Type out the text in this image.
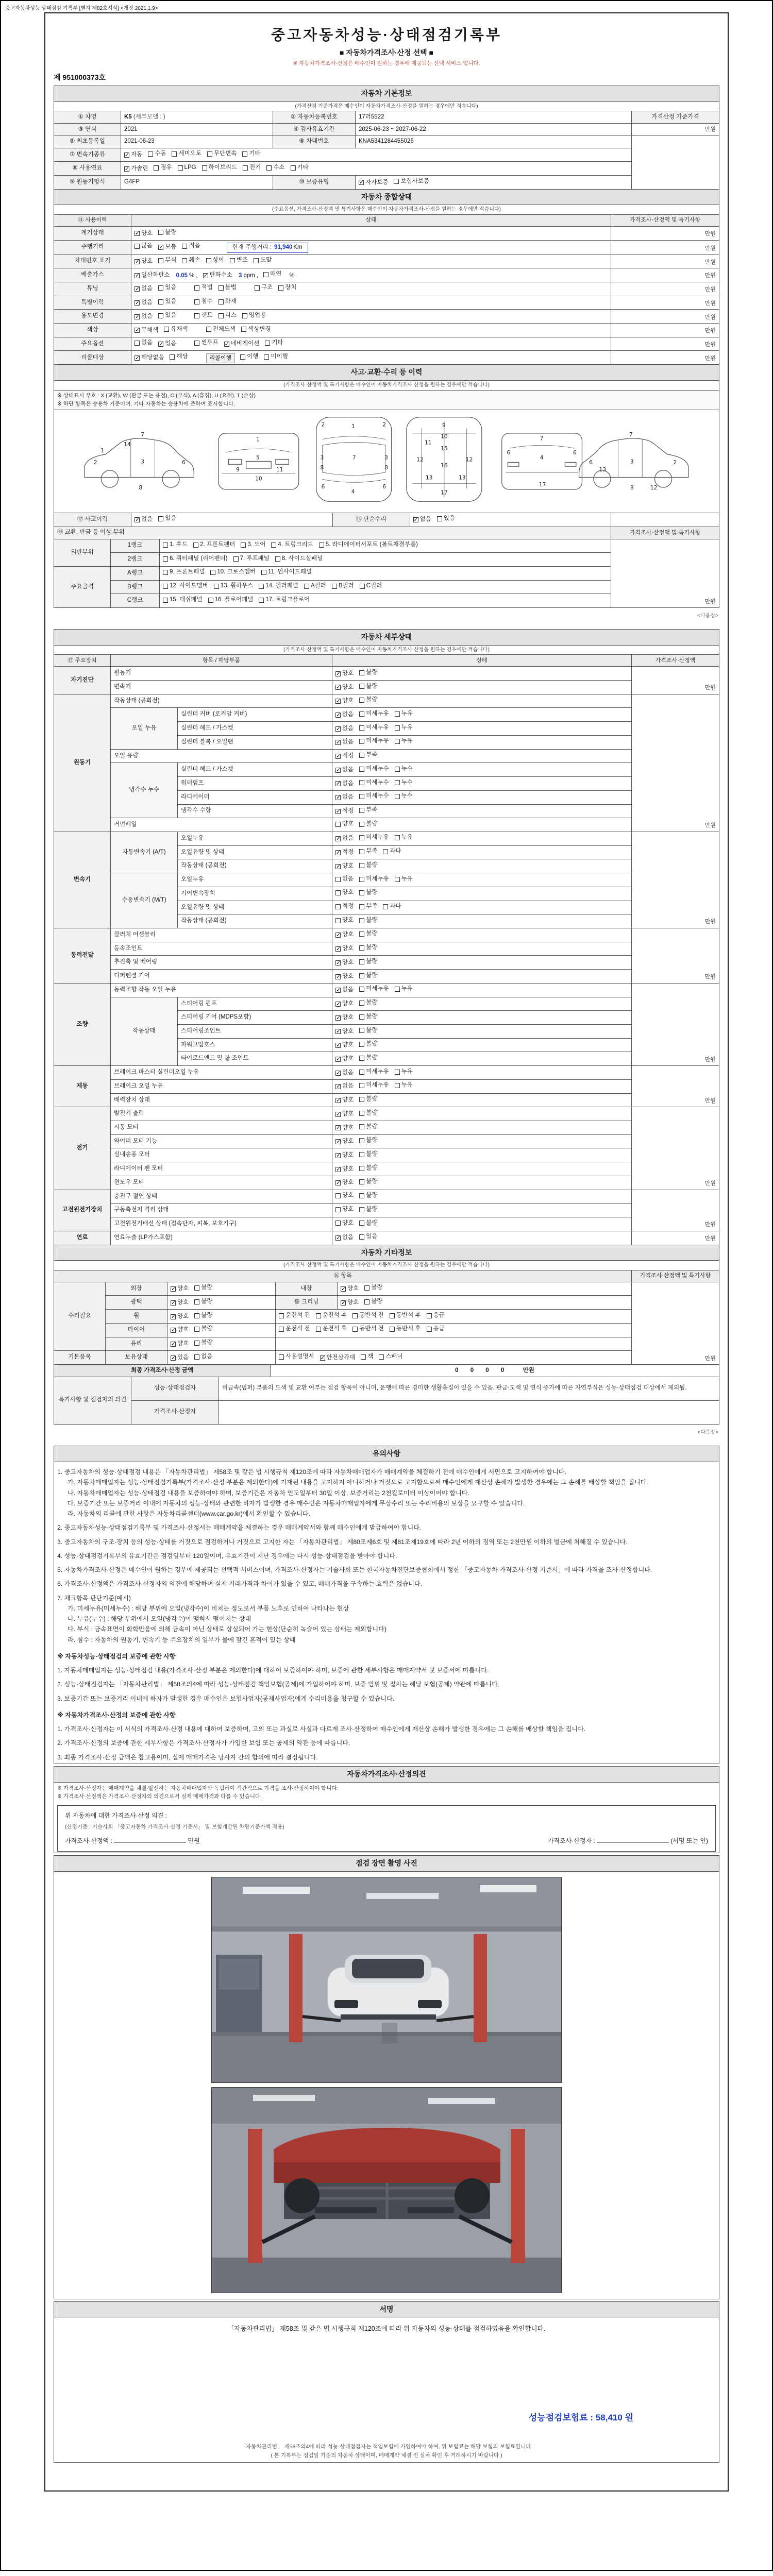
중고자동차성능 상태점검 기록부 [별지 제82호서식] <개정 2021.1.9>
중고자동차성능·상태점검기록부
■ 자동차가격조사·산정 선택 ■
※ 자동차가격조사·산정은 매수인이 원하는 경우에 제공되는 선택 서비스 입니다.
제 951000373호
자동차 기본정보				
(가격산정 기준가격은 매수인이 자동차가격조사·산정을 원하는 경우에만 적습니다)				
① 차명	K5 (세부모델 : )	② 자동차등록번호	17러5522	가격산정 기준가격
③ 연식	2021	④ 검사유효기간	2025-06-23 ~ 2027-06-22	만원
⑤ 최초등록일	2021-06-23	⑥ 차대번호	KNA5341284455026	
⑦ 변속기종류	✓ 자동 수동 세미오토 무단변속 기타
⑧ 사용연료	✓ 가솔린 경유 LPG 하이브리드 전기 수소 기타
⑨ 원동기형식	G4FP	⑩ 보증유형	✓ 자가보증 보험사보증	
자동차 종합상태		
(주요옵션, 가격조사·산정액 및 특기사항은 매수인이 자동차가격조사·산정을 원하는 경우에만 적습니다)		
⑪ 사용이력	상태	가격조사·산정액 및 특기사항
계기상태	✓ 양호 불량	만원
주행거리	많음 ✓ 보통 적음 현재 주행거리 : 91,940 Km	만원
차대번호 표기	✓ 양호 부식 훼손 상이 변조 도말	만원
배출가스	✓ 일산화탄소 0.05 % , ✓ 탄화수소 3 ppm , 매연 %	만원
튜닝	✓ 없음 있음	적법 불법	구조 장치	만원
특별이력	✓ 없음 있음 침수 화재	만원
용도변경	✓ 없음 있음	렌트 리스 영업용	만원
색상	✓ 무채색 유채색 전체도색 색상변경	만원
주요옵션	없음 ✓ 있음	썬루프 ✓ 네비게이션 기타	만원
리콜대상	✓ 해당없음 해당 리콜이행 이행 미이행	만원
사고·교환·수리 등 이력
(가격조사·산정액 및 특기사항은 매수인이 자동차가격조사·산정을 원하는 경우에만 적습니다)

※ 상태표시 부호 : X (교환), W (판금 또는 용접), C (부식), A (흠집), U (요철), T (손상)
※ 하단 항목은 승용차 기준이며, 기타 자동차는 승용차에 준하여 표시합니다.

1
2	3	6
7
8
14
1
9
5
10
11
1
2	2
7
3	3
4
6	6
8	8
9
10
11
12	12
13	13
15
16
17
7
4
6	6
17
2
3
6
7
8
13
12
⑫ 사고이력	✓ 없음 있음	⑬ 단순수리	✓ 없음 있음	
⑭ 교환, 판금 등 이상 부위			가격조사·산정액 및 특기사항
외판부위	1랭크	1. 후드 2. 프론트펜더 3. 도어 4. 트렁크리드 5. 라디에이터서포트 (볼트체결부품)	만원
	2랭크	6. 쿼터패널 (리어펜더) 7. 루프패널 8. 사이드실패널	
주요골격	A랭크	9. 프론트패널 10. 크로스멤버 11. 인사이드패널	
B랭크	12. 사이드멤버 13. 휠하우스 14. 필러패널 A필러 B필러 C필러
	C랭크	15. 대쉬패널 16. 플로어패널 17. 트렁크플로어	
<다음장>
자동차 세부상태				
(가격조사·산정액 및 특기사항은 매수인이 자동차가격조사·산정을 원하는 경우에만 적습니다)				
⑮ 주요장치	항목 / 해당부품		상태	가격조사·산정액
자기진단	원동기		✓ 양호 불량	만원
	변속기		✓ 양호 불량	
원동기	작동상태 (공회전)		✓ 양호 불량	만원
	오일 누유	실린더 커버 (로커암 커버)	✓ 없음 미세누유 누유	
		실린더 헤드 / 가스켓	✓ 없음 미세누유 누유	
		실린더 블록 / 오일팬	✓ 없음 미세누유 누유	
	오일 유량		✓ 적정 부족	
	냉각수 누수	실린더 헤드 / 가스켓	✓ 없음 미세누수 누수	
		워터펌프	✓ 없음 미세누수 누수	
		라디에이터	✓ 없음 미세누수 누수	
		냉각수 수량	✓ 적정 부족	
	커먼레일		양호 불량	
변속기	자동변속기 (A/T)	오일누유	✓ 없음 미세누유 누유	만원
		오일유량 및 상태	✓ 적정 부족 과다	
		작동상태 (공회전)	✓ 양호 불량	
	수동변속기 (M/T)	오일누유	없음 미세누유 누유	
		기어변속장치	양호 불량	
		오일유량 및 상태	적정 부족 과다	
		작동상태 (공회전)	양호 불량	
동력전달	클러치 어셈블리		✓ 양호 불량	만원
	등속조인트		✓ 양호 불량	
	추진축 및 베어링		✓ 양호 불량	
	디퍼렌셜 기어		✓ 양호 불량	
조향	동력조향 작동 오일 누유		✓ 없음 미세누유 누유	만원
	작동상태	스티어링 펌프	✓ 양호 불량	
		스티어링 기어 (MDPS포함)	✓ 양호 불량	
		스티어링조인트	✓ 양호 불량	
		파워고압호스	✓ 양호 불량	
		타이로드엔드 및 볼 조인트	✓ 양호 불량	
제동	브레이크 마스터 실린더오일 누유		✓ 없음 미세누유 누유	만원
	브레이크 오일 누유		✓ 없음 미세누유 누유	
	배력장치 상태		✓ 양호 불량	
전기	발전기 출력		✓ 양호 불량	만원
	시동 모터		✓ 양호 불량	
	와이퍼 모터 기능		✓ 양호 불량	
	실내송풍 모터		✓ 양호 불량	
	라디에이터 팬 모터		✓ 양호 불량	
	윈도우 모터		✓ 양호 불량	
고전원전기장치	충전구 절연 상태		양호 불량	만원
	구동축전지 격리 상태		양호 불량	
	고전원전기배선 상태 (접속단자, 피복, 보호기구)		양호 불량	
연료	연료누출 (LP가스포함)		✓ 없음 있음	만원
자동차 기타정보					
(가격조사·산정액 및 특기사항은 매수인이 자동차가격조사·산정을 원하는 경우에만 적습니다)					
⑯ 항목					가격조사·산정액 및 특기사항
수리필요	외장	✓ 양호 불량	내장	✓ 양호 불량	만원
	광택	✓ 양호 불량	룸 크리닝	✓ 양호 불량	
	휠	✓ 양호 불량	운전석 전 운전석 후 동반석 전 동반석 후 응급		
	타이어	✓ 양호 불량	운전석 전 운전석 후 동반석 전 동반석 후 응급		
	유리	✓ 양호 불량			
기본품목	보유상태	✓ 있음 없음	사용설명서 ✓ 안전삼각대 잭 스패너		
최종 가격조사·산정 금액	0 0 0 0 만원
특기사항 및 점검자의 의견	성능·상태점검자	비금속(범퍼) 부품의 도색 및 교환 여부는 점검 항목이 아니며, 운행에 따른 경미한 생활흠집이 있을 수 있음. 판금·도색 및 연식 증가에 따른 자연부식은 성능·상태점검 대상에서 제외됨.
	가격조사·산정자	
<다음장>
유의사항

1. 중고자동차의 성능·상태점검 내용은 「자동차관리법」 제58조 및 같은 법 시행규칙 제120조에 따라 자동차매매업자가 매매계약을 체결하기 전에 매수인에게 서면으로 고지하여야 합니다.
가. 자동차매매업자는 성능·상태점검기록부(가격조사·산정 부분은 제외한다)에 기재된 내용을 고지하지 아니하거나 거짓으로 고지함으로써 매수인에게 재산상 손해가 발생한 경우에는 그 손해를 배상할 책임을 집니다.
나. 자동차매매업자는 성능·상태점검 내용을 보증하여야 하며, 보증기간은 자동차 인도일부터 30일 이상, 보증거리는 2천킬로미터 이상이어야 합니다.
다. 보증기간 또는 보증거리 이내에 자동차의 성능·상태와 관련한 하자가 발생한 경우 매수인은 자동차매매업자에게 무상수리 또는 수리비용의 보상을 요구할 수 있습니다.
라. 자동차의 리콜에 관한 사항은 자동차리콜센터(www.car.go.kr)에서 확인할 수 있습니다.
2. 중고자동차성능·상태점검기록부 및 가격조사·산정서는 매매계약을 체결하는 경우 매매계약서와 함께 매수인에게 발급하여야 합니다.
3. 중고자동차의 구조·장치 등의 성능·상태를 거짓으로 점검하거나 거짓으로 고지한 자는 「자동차관리법」 제80조제6호 및 제81조제19호에 따라 2년 이하의 징역 또는 2천만원 이하의 벌금에 처해질 수 있습니다.
4. 성능·상태점검기록부의 유효기간은 점검일부터 120일이며, 유효기간이 지난 경우에는 다시 성능·상태점검을 받아야 합니다.
5. 자동차가격조사·산정은 매수인이 원하는 경우에 제공되는 선택적 서비스이며, 가격조사·산정자는 기술사회 또는 한국자동차진단보증협회에서 정한 「중고자동차 가격조사·산정 기준서」에 따라 가격을 조사·산정합니다.
6. 가격조사·산정액은 가격조사·산정자의 의견에 해당하며 실제 거래가격과 차이가 있을 수 있고, 매매가격을 구속하는 효력은 없습니다.
7. 체크항목 판단기준(예시)
가. 미세누유(미세누수) : 해당 부위에 오일(냉각수)이 비치는 정도로서 부품 노후로 인하여 나타나는 현상
나. 누유(누수) : 해당 부위에서 오일(냉각수)이 맺혀서 떨어지는 상태
다. 부식 : 금속표면이 화학반응에 의해 금속이 아닌 상태로 상실되어 가는 현상(단순히 녹슬어 있는 상태는 제외합니다)
라. 침수 : 자동차의 원동기, 변속기 등 주요장치의 일부가 물에 잠긴 흔적이 있는 상태
※ 자동차성능·상태점검의 보증에 관한 사항
1. 자동차매매업자는 성능·상태점검 내용(가격조사·산정 부분은 제외한다)에 대하여 보증하여야 하며, 보증에 관한 세부사항은 매매계약서 및 보증서에 따릅니다.
2. 성능·상태점검자는 「자동차관리법」 제58조의4에 따라 성능·상태점검 책임보험(공제)에 가입하여야 하며, 보증 범위 및 절차는 해당 보험(공제) 약관에 따릅니다.
3. 보증기간 또는 보증거리 이내에 하자가 발생한 경우 매수인은 보험사업자(공제사업자)에게 수리비용을 청구할 수 있습니다.
※ 자동차가격조사·산정의 보증에 관한 사항
1. 가격조사·산정자는 이 서식의 가격조사·산정 내용에 대하여 보증하며, 고의 또는 과실로 사실과 다르게 조사·산정하여 매수인에게 재산상 손해가 발생한 경우에는 그 손해를 배상할 책임을 집니다.
2. 가격조사·산정의 보증에 관한 세부사항은 가격조사·산정자가 가입한 보험 또는 공제의 약관 등에 따릅니다.
3. 최종 가격조사·산정 금액은 참고용이며, 실제 매매가격은 당사자 간의 합의에 따라 결정됩니다.
자동차가격조사·산정의견

※ 가격조사·산정자는 매매계약을 체결·알선하는 자동차매매업자와 독립하여 객관적으로 가격을 조사·산정하여야 합니다.
※ 가격조사·산정액은 가격조사·산정자의 의견으로서 실제 매매가격과 다를 수 있습니다.
위 자동차에 대한 가격조사·산정 의견 :
(산정기준 : 기술사회 「중고자동차 가격조사·산정 기준서」 및 보험개발원 차량기준가액 적용)
가격조사·산정액 :	만원	가격조사·산정자 :	(서명 또는 인)
점검 장면 촬영 사진

서명

「자동차관리법」 제58조 및 같은 법 시행규칙 제120조에 따라 위 자동차의 성능·상태를 점검하였음을 확인합니다.
성능점검보험료 : 58,410 원
「자동차관리법」 제58조의4에 따라 성능·상태점검자는 책임보험에 가입하여야 하며, 위 보험료는 해당 보험의 보험료입니다.
( 본 기록부는 점검일 기준의 자동차 상태이며, 매매계약 체결 전 실차 확인 후 거래하시기 바랍니다 )
